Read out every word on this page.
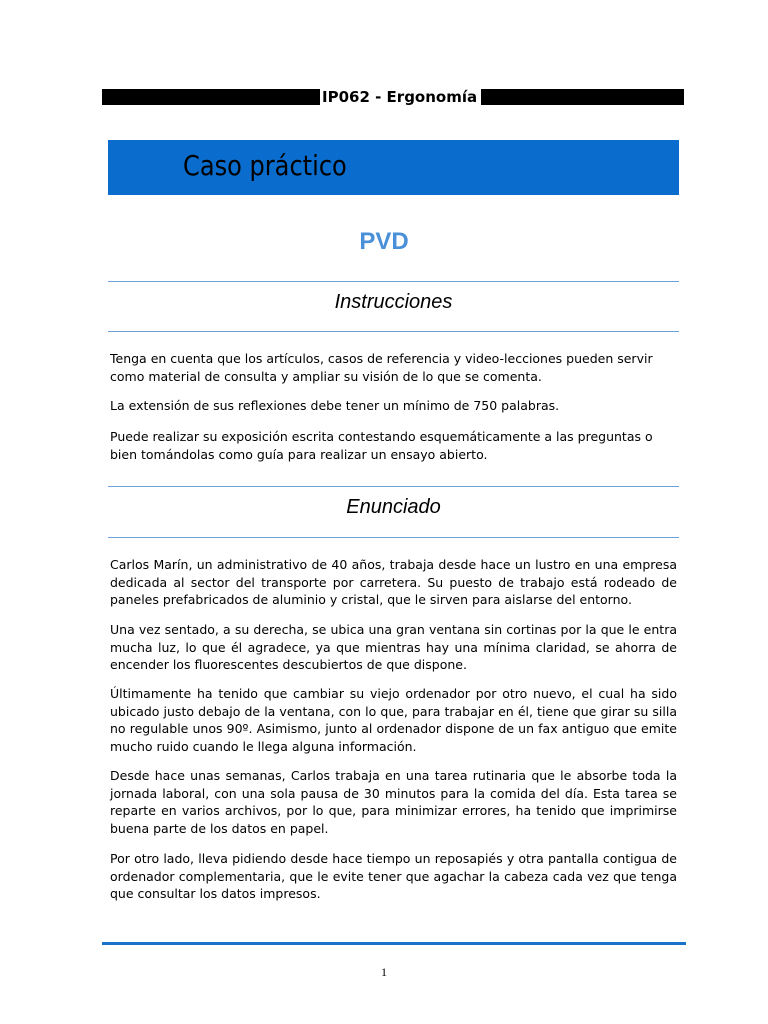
IP062 - Ergonomía
Caso práctico
PVD
Instrucciones

Tenga en cuenta que los artículos, casos de referencia y video-lecciones pueden servir como material de consulta y ampliar su visión de lo que se comenta.

La extensión de sus reflexiones debe tener un mínimo de 750 palabras.

Puede realizar su exposición escrita contestando esquemáticamente a las preguntas o bien tomándolas como guía para realizar un ensayo abierto.

Enunciado

Carlos Marín, un administrativo de 40 años, trabaja desde hace un lustro en una empresa dedicada al sector del transporte por carretera. Su puesto de trabajo está rodeado de paneles prefabricados de aluminio y cristal, que le sirven para aislarse del entorno.

Una vez sentado, a su derecha, se ubica una gran ventana sin cortinas por la que le entra mucha luz, lo que él agradece, ya que mientras hay una mínima claridad, se ahorra de encender los fluorescentes descubiertos de que dispone.

Últimamente ha tenido que cambiar su viejo ordenador por otro nuevo, el cual ha sido ubicado justo debajo de la ventana, con lo que, para trabajar en él, tiene que girar su silla no regulable unos 90º. Asimismo, junto al ordenador dispone de un fax antiguo que emite mucho ruido cuando le llega alguna información.

Desde hace unas semanas, Carlos trabaja en una tarea rutinaria que le absorbe toda la jornada laboral, con una sola pausa de 30 minutos para la comida del día. Esta tarea se reparte en varios archivos, por lo que, para minimizar errores, ha tenido que imprimirse buena parte de los datos en papel.

Por otro lado, lleva pidiendo desde hace tiempo un reposapiés y otra pantalla contigua de ordenador complementaria, que le evite tener que agachar la cabeza cada vez que tenga que consultar los datos impresos.

1
